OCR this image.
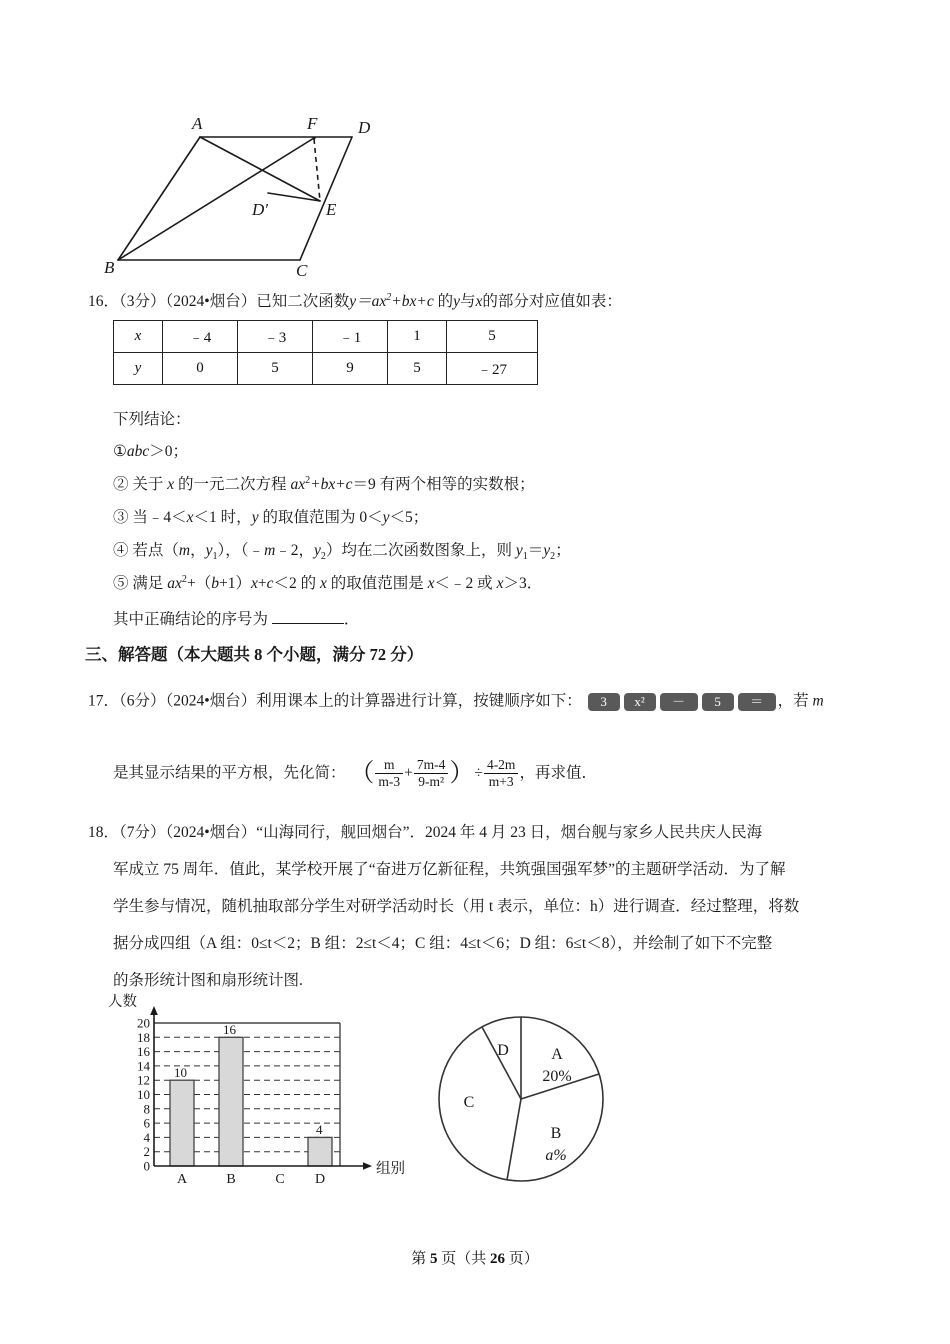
A	F D
D′	E
B	C
16．（3分）（2024•烟台）已知二次函数$y=ax^2+bx+c$ 的y与x的部分对应值如表：
x	﹣4	﹣3	﹣1	1	5
y	0	5	9	5	﹣27
下列结论：
①abc＞0；
② 关于 x 的一元二次方程 $ax^2+bx+c=9$ 有两个相等的实数根；
③ 当﹣4＜x＜1 时，y 的取值范围为 0＜y＜5；
④ 若点（m，$y_1$），（﹣m﹣2，$y_2$）均在二次函数图象上，则 $y_1=y_2$；
⑤ 满足 $ax^2+(b+1)x+c<2$ 的 x 的取值范围是 x＜﹣2 或 x＞3．
其中正确结论的序号为	．
三、解答题（本大题共 8 个小题，满分 72 分）
17．（6分）（2024•烟台）利用课本上的计算器进行计算，按键顺序如下： 3 x² － 5 ＝ ，若 m
是其显示结果的平方根，先化简： （ $\frac{m}{m-3} + \frac{7m-4}{\text{9-m²}}$ ）÷ $\frac{4-2m}{m+3}$ ，再求值．
18．（7分）（2024•烟台）“山海同行，舰回烟台”．2024 年 4 月 23 日，烟台舰与家乡人民共庆人民海
军成立 75 周年．值此，某学校开展了“奋进万亿新征程，共筑强国强军梦”的主题研学活动．为了解
学生参与情况，随机抽取部分学生对研学活动时长（用 t 表示，单位：h）进行调查．经过整理，将数
据分成四组（A 组：0≤t＜2；B 组：2≤t＜4；C 组：4≤t＜6；D 组：6≤t＜8），并绘制了如下不完整
的条形统计图和扇形统计图.
人数
组别
10
16
4
0
2
4
6
8
10
12
14
16
18
20
A	B	C D
A
20%
B
a%
C
D
第 5 页（共 26 页）
